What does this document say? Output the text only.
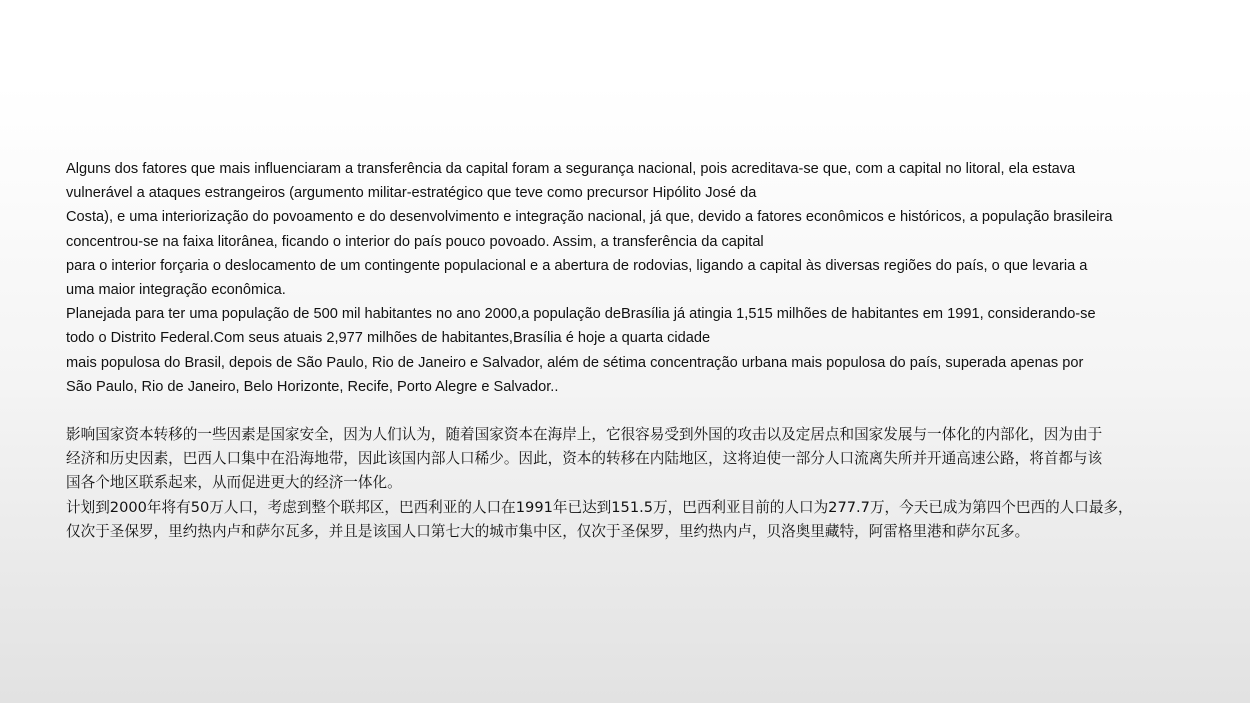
Alguns dos fatores que mais influenciaram a transferência da capital foram a segurança nacional, pois acreditava-se que, com a capital no litoral, ela estava

vulnerável a ataques estrangeiros (argumento militar-estratégico que teve como precursor Hipólito José da

Costa), e uma interiorização do povoamento e do desenvolvimento e integração nacional, já que, devido a fatores econômicos e históricos, a população brasileira

concentrou-se na faixa litorânea, ficando o interior do país pouco povoado. Assim, a transferência da capital

para o interior forçaria o deslocamento de um contingente populacional e a abertura de rodovias, ligando a capital às diversas regiões do país, o que levaria a

uma maior integração econômica.

Planejada para ter uma população de 500 mil habitantes no ano 2000,a população deBrasília já atingia 1,515 milhões de habitantes em 1991, considerando-se

todo o Distrito Federal.Com seus atuais 2,977 milhões de habitantes,Brasília é hoje a quarta cidade

mais populosa do Brasil, depois de São Paulo, Rio de Janeiro e Salvador, além de sétima concentração urbana mais populosa do país, superada apenas por

São Paulo, Rio de Janeiro, Belo Horizonte, Recife, Porto Alegre e Salvador..

影响国家资本转移的一些因素是国家安全，因为人们认为，随着国家资本在海岸上，它很容易受到外国的攻击以及定居点和国家发展与一体化的内部化，因为由于

经济和历史因素，巴西人口集中在沿海地带，因此该国内部人口稀少。因此，资本的转移在内陆地区，这将迫使一部分人口流离失所并开通高速公路，将首都与该

国各个地区联系起来，从而促进更大的经济一体化。

计划到2000年将有50万人口，考虑到整个联邦区，巴西利亚的人口在1991年已达到151.5万，巴西利亚目前的人口为277.7万，今天已成为第四个巴西的人口最多，

仅次于圣保罗，里约热内卢和萨尔瓦多，并且是该国人口第七大的城市集中区，仅次于圣保罗，里约热内卢，贝洛奥里藏特，阿雷格里港和萨尔瓦多。
